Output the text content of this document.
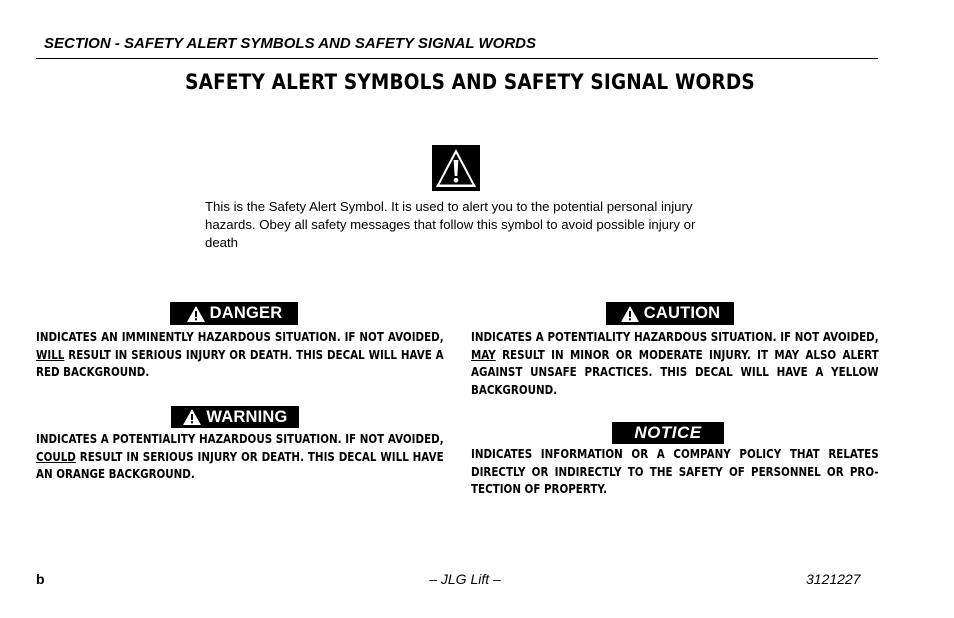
SECTION - SAFETY ALERT SYMBOLS AND SAFETY SIGNAL WORDS
SAFETY ALERT SYMBOLS AND SAFETY SIGNAL WORDS
This is the Safety Alert Symbol. It is used to alert you to the potential personal injury hazards. Obey all safety messages that follow this symbol to avoid possible injury or death
DANGER
INDICATES AN IMMINENTLY HAZARDOUS SITUATION. IF NOT AVOIDED, WILL RESULT IN SERIOUS INJURY OR DEATH. THIS DECAL WILL HAVE A RED BACKGROUND.
WARNING
INDICATES A POTENTIALITY HAZARDOUS SITUATION. IF NOT AVOIDED, COULD RESULT IN SERIOUS INJURY OR DEATH. THIS DECAL WILL HAVE AN ORANGE BACKGROUND.
CAUTION
INDICATES A POTENTIALITY HAZARDOUS SITUATION. IF NOT AVOIDED, MAY RESULT IN MINOR OR MODERATE INJURY. IT MAY ALSO ALERT AGAINST UNSAFE PRACTICES. THIS DECAL WILL HAVE A YELLOW BACKGROUND.
NOTICE
INDICATES INFORMATION OR A COMPANY POLICY THAT RELATES DIRECTLY OR INDIRECTLY TO THE SAFETY OF PERSONNEL OR PRO-TECTION OF PROPERTY.
b	– JLG Lift –	3121227
